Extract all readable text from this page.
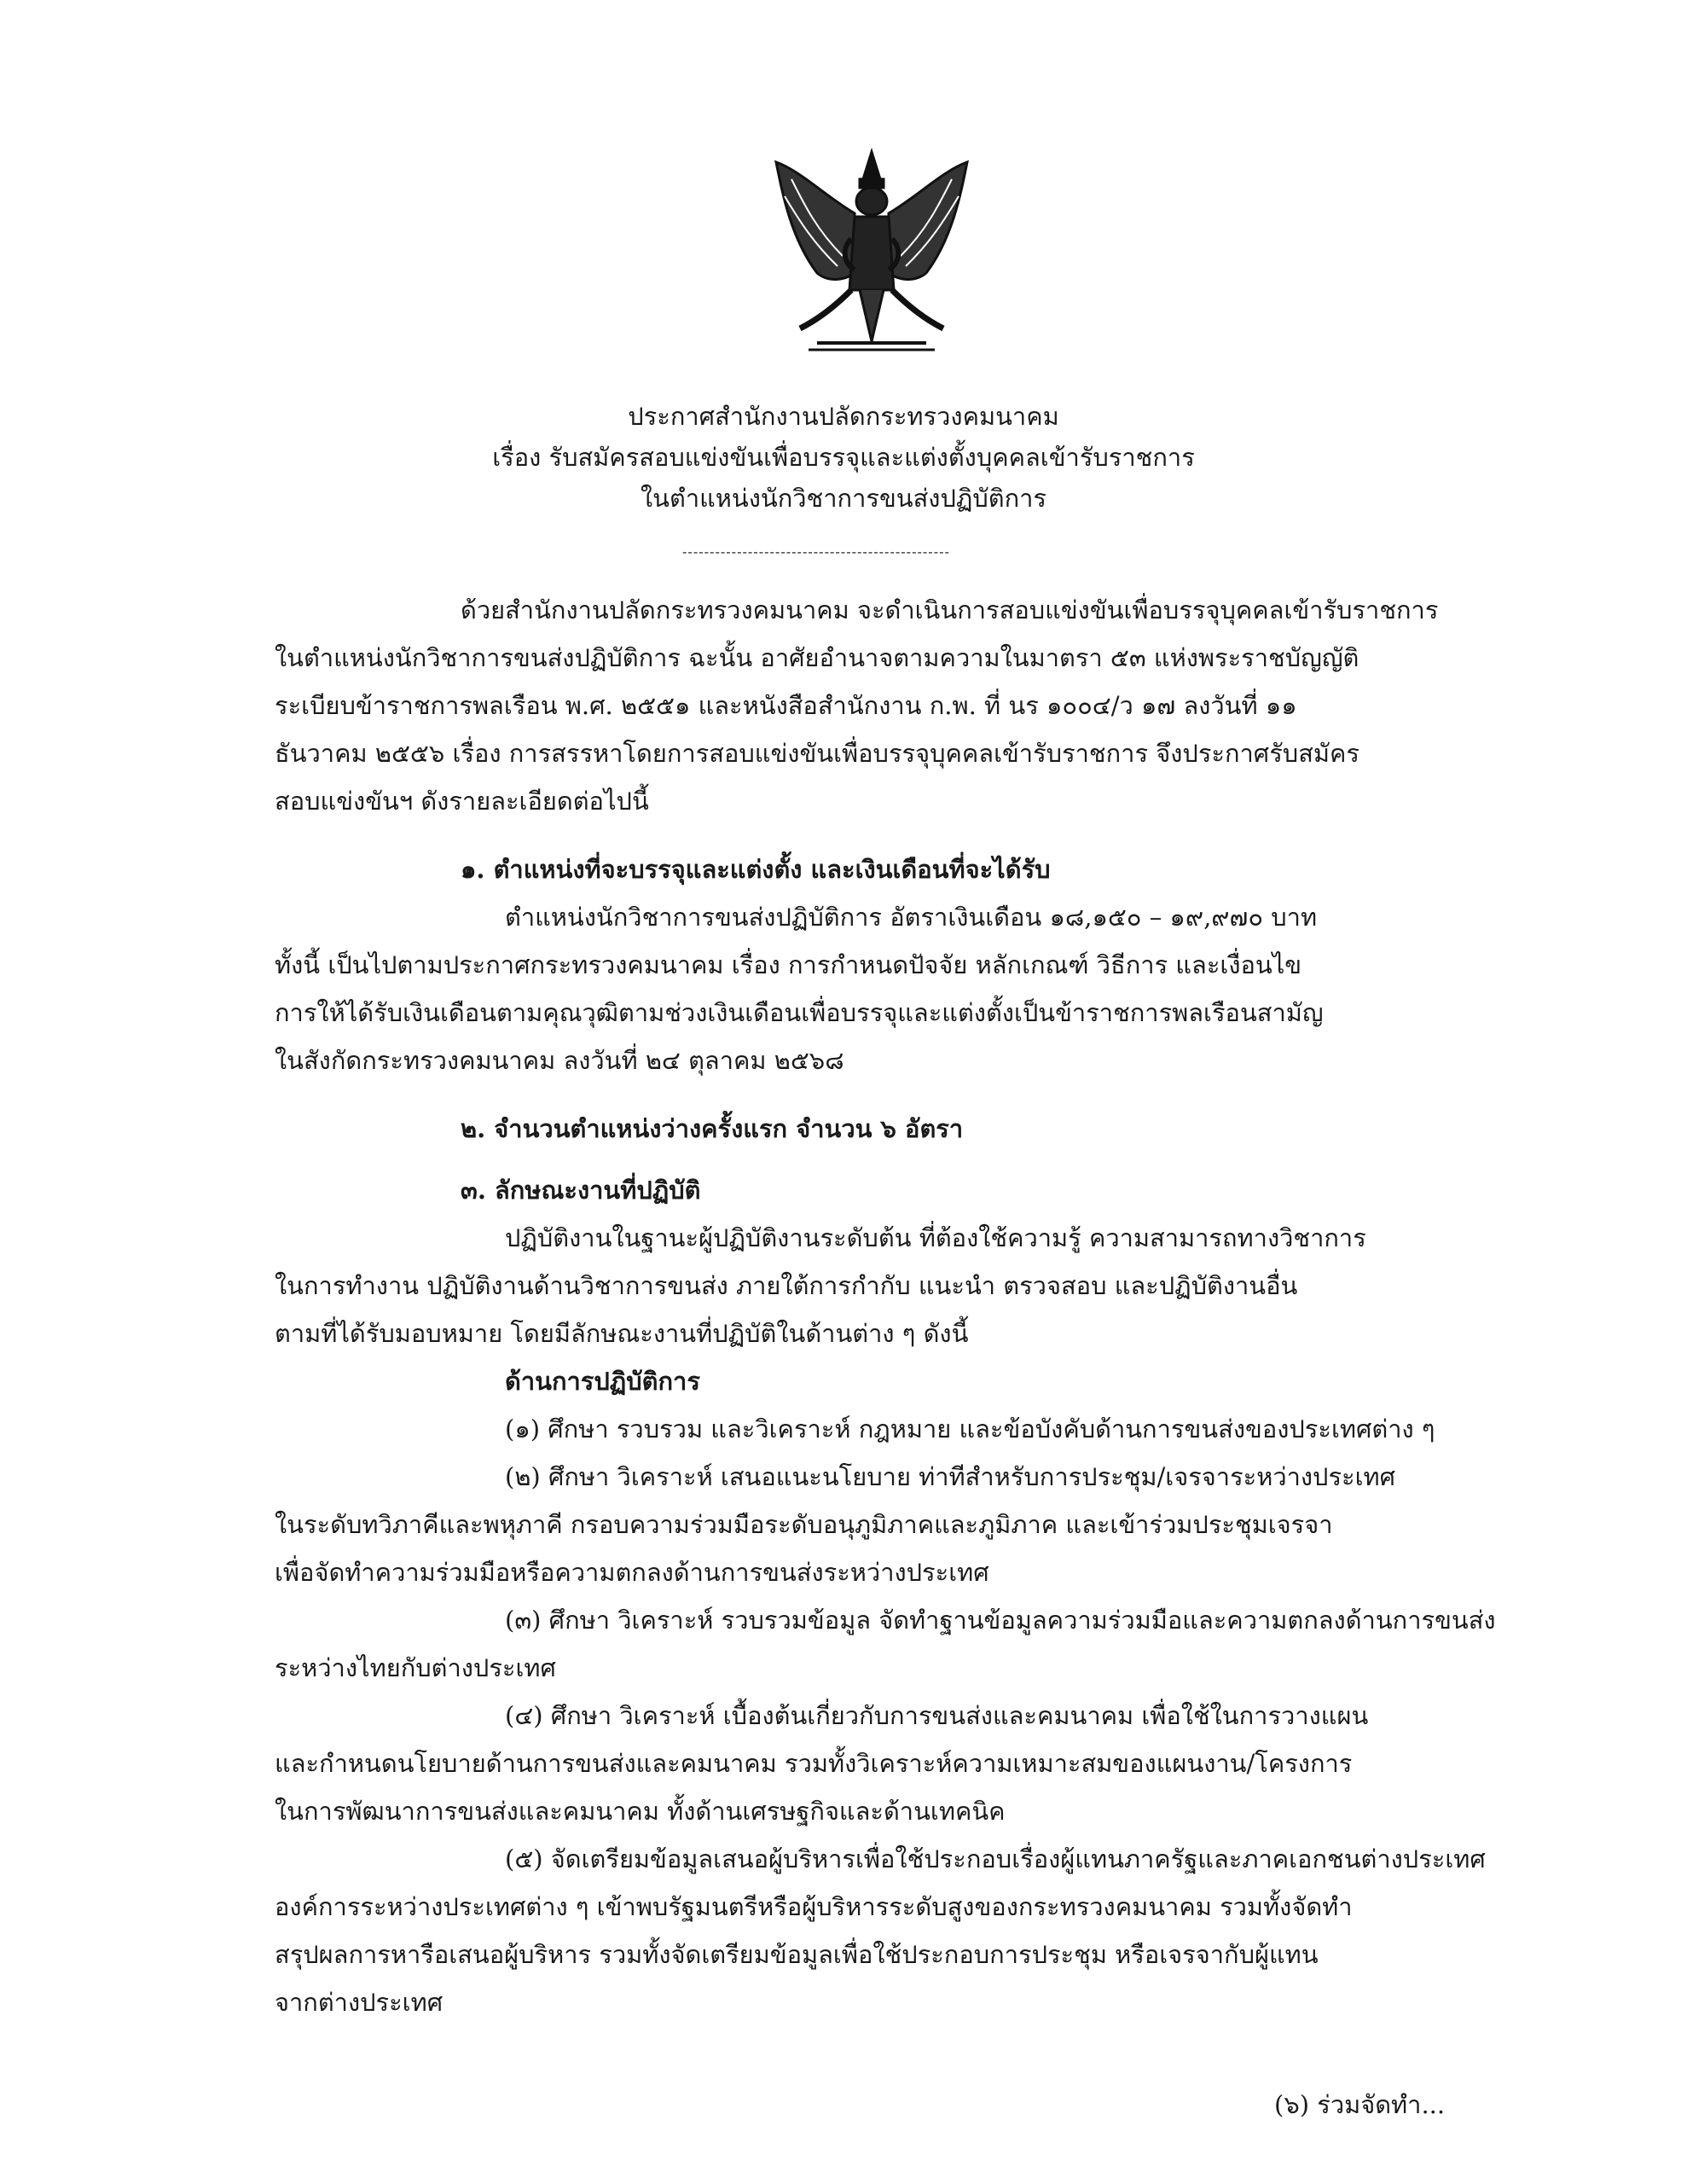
ประกาศสำนักงานปลัดกระทรวงคมนาคม
เรื่อง รับสมัครสอบแข่งขันเพื่อบรรจุและแต่งตั้งบุคคลเข้ารับราชการ
ในตำแหน่งนักวิชาการขนส่งปฏิบัติการ
-------------------------------------------------
ด้วยสำนักงานปลัดกระทรวงคมนาคม จะดำเนินการสอบแข่งขันเพื่อบรรจุบุคคลเข้ารับราชการ
ในตำแหน่งนักวิชาการขนส่งปฏิบัติการ ฉะนั้น อาศัยอำนาจตามความในมาตรา ๕๓ แห่งพระราชบัญญัติ
ระเบียบข้าราชการพลเรือน พ.ศ. ๒๕๕๑ และหนังสือสำนักงาน ก.พ. ที่ นร ๑๐๐๔/ว ๑๗ ลงวันที่ ๑๑
ธันวาคม ๒๕๕๖ เรื่อง การสรรหาโดยการสอบแข่งขันเพื่อบรรจุบุคคลเข้ารับราชการ จึงประกาศรับสมัคร
สอบแข่งขันฯ ดังรายละเอียดต่อไปนี้
๑. ตำแหน่งที่จะบรรจุและแต่งตั้ง และเงินเดือนที่จะได้รับ
ตำแหน่งนักวิชาการขนส่งปฏิบัติการ อัตราเงินเดือน ๑๘,๑๕๐ – ๑๙,๙๗๐ บาท
ทั้งนี้ เป็นไปตามประกาศกระทรวงคมนาคม เรื่อง การกำหนดปัจจัย หลักเกณฑ์ วิธีการ และเงื่อนไข
การให้ได้รับเงินเดือนตามคุณวุฒิตามช่วงเงินเดือนเพื่อบรรจุและแต่งตั้งเป็นข้าราชการพลเรือนสามัญ
ในสังกัดกระทรวงคมนาคม ลงวันที่ ๒๔ ตุลาคม ๒๕๖๘
๒. จำนวนตำแหน่งว่างครั้งแรก จำนวน ๖ อัตรา
๓. ลักษณะงานที่ปฏิบัติ
ปฏิบัติงานในฐานะผู้ปฏิบัติงานระดับต้น ที่ต้องใช้ความรู้ ความสามารถทางวิชาการ
ในการทำงาน ปฏิบัติงานด้านวิชาการขนส่ง ภายใต้การกำกับ แนะนำ ตรวจสอบ และปฏิบัติงานอื่น
ตามที่ได้รับมอบหมาย โดยมีลักษณะงานที่ปฏิบัติในด้านต่าง ๆ ดังนี้
ด้านการปฏิบัติการ
(๑) ศึกษา รวบรวม และวิเคราะห์ กฎหมาย และข้อบังคับด้านการขนส่งของประเทศต่าง ๆ
(๒) ศึกษา วิเคราะห์ เสนอแนะนโยบาย ท่าทีสำหรับการประชุม/เจรจาระหว่างประเทศ
ในระดับทวิภาคีและพหุภาคี กรอบความร่วมมือระดับอนุภูมิภาคและภูมิภาค และเข้าร่วมประชุมเจรจา
เพื่อจัดทำความร่วมมือหรือความตกลงด้านการขนส่งระหว่างประเทศ
(๓) ศึกษา วิเคราะห์ รวบรวมข้อมูล จัดทำฐานข้อมูลความร่วมมือและความตกลงด้านการขนส่ง
ระหว่างไทยกับต่างประเทศ
(๔) ศึกษา วิเคราะห์ เบื้องต้นเกี่ยวกับการขนส่งและคมนาคม เพื่อใช้ในการวางแผน
และกำหนดนโยบายด้านการขนส่งและคมนาคม รวมทั้งวิเคราะห์ความเหมาะสมของแผนงาน/โครงการ
ในการพัฒนาการขนส่งและคมนาคม ทั้งด้านเศรษฐกิจและด้านเทคนิค
(๕) จัดเตรียมข้อมูลเสนอผู้บริหารเพื่อใช้ประกอบเรื่องผู้แทนภาครัฐและภาคเอกชนต่างประเทศ
องค์การระหว่างประเทศต่าง ๆ เข้าพบรัฐมนตรีหรือผู้บริหารระดับสูงของกระทรวงคมนาคม รวมทั้งจัดทำ
สรุปผลการหารือเสนอผู้บริหาร รวมทั้งจัดเตรียมข้อมูลเพื่อใช้ประกอบการประชุม หรือเจรจากับผู้แทน
จากต่างประเทศ
(๖) ร่วมจัดทำ...
